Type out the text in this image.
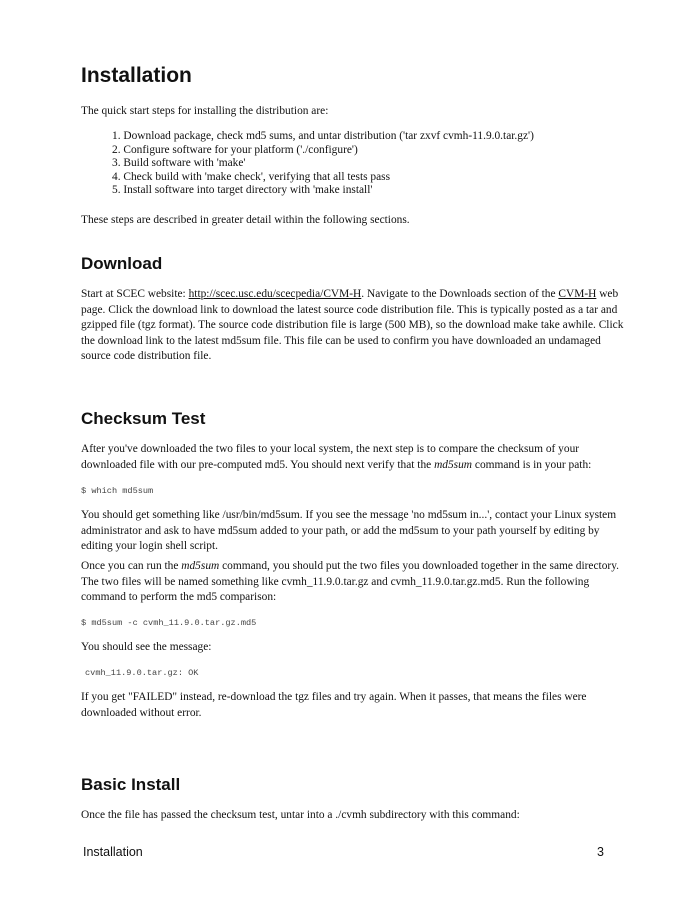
Installation

The quick start steps for installing the distribution are:

1. Download package, check md5 sums, and untar distribution ('tar zxvf cvmh-11.9.0.tar.gz')
2. Configure software for your platform ('./configure')
3. Build software with 'make'
4. Check build with 'make check', verifying that all tests pass
5. Install software into target directory with 'make install'

These steps are described in greater detail within the following sections.

Download

Start at SCEC website: http://scec.usc.edu/scecpedia/CVM-H. Navigate to the Downloads section of the CVM-H web page. Click the download link to download the latest source code distribution file. This is typically posted as a tar and gzipped file (tgz format). The source code distribution file is large (500 MB), so the download make take awhile. Click the download link to the latest md5sum file. This file can be used to confirm you have downloaded an undamaged source code distribution file.

Checksum Test

After you've downloaded the two files to your local system, the next step is to compare the checksum of your downloaded file with our pre-computed md5. You should next verify that the md5sum command is in your path:

$ which md5sum

You should get something like /usr/bin/md5sum. If you see the message 'no md5sum in...', contact your Linux system administrator and ask to have md5sum added to your path, or add the md5sum to your path yourself by editing by editing your login shell script.

Once you can run the md5sum command, you should put the two files you downloaded together in the same directory. The two files will be named something like cvmh_11.9.0.tar.gz and cvmh_11.9.0.tar.gz.md5. Run the following command to perform the md5 comparison:

$ md5sum -c cvmh_11.9.0.tar.gz.md5

You should see the message:

cvmh_11.9.0.tar.gz: OK

If you get "FAILED" instead, re-download the tgz files and try again. When it passes, that means the files were downloaded without error.

Basic Install

Once the file has passed the checksum test, untar into a ./cvmh subdirectory with this command:

Installation	3
